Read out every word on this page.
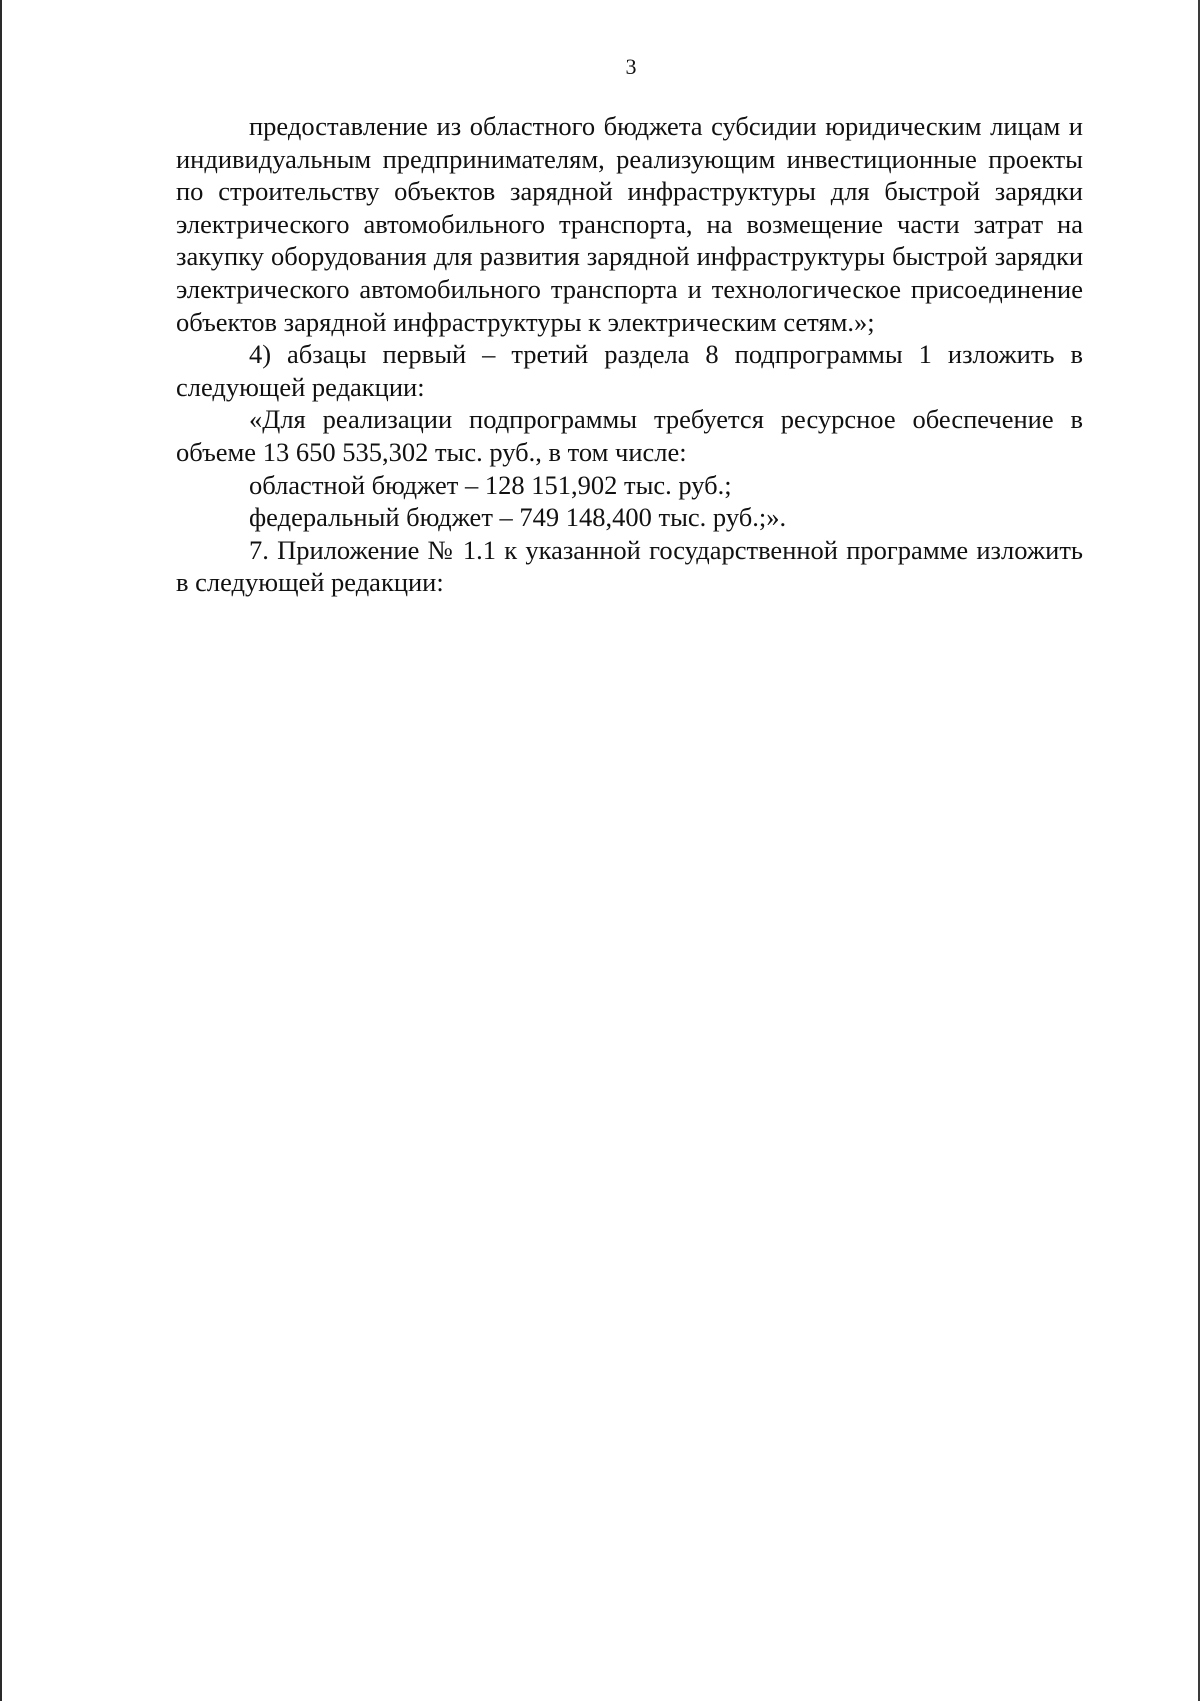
3

предоставление из областного бюджета субсидии юридическим лицам и индивидуальным предпринимателям, реализующим инвестиционные проекты по строительству объектов зарядной инфраструктуры для быстрой зарядки электрического автомобильного транспорта, на возмещение части затрат на закупку оборудования для развития зарядной инфраструктуры быстрой зарядки электрического автомобильного транспорта и технологическое присоединение объектов зарядной инфраструктуры к электрическим сетям.»;

4) абзацы первый – третий раздела 8 подпрограммы 1 изложить в следующей редакции:

«Для реализации подпрограммы требуется ресурсное обеспечение в объеме 13 650 535,302 тыс. руб., в том числе:

областной бюджет – 128 151,902 тыс. руб.;

федеральный бюджет – 749 148,400 тыс. руб.;».

7. Приложение № 1.1 к указанной государственной программе изложить в следующей редакции:
